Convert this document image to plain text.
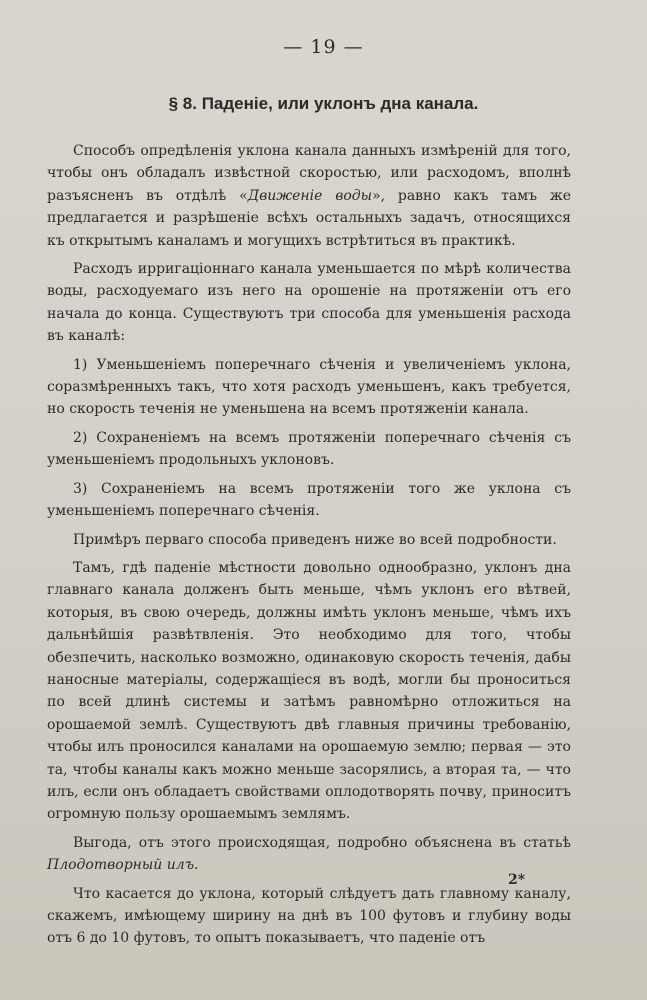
— 19 —
§ 8. Паденіе, или уклонъ дна канала.

Способъ опредѣленія уклона канала данныхъ измѣреній для того, чтобы онъ обладалъ извѣстной скоростью, или расходомъ, вполнѣ разъясненъ въ отдѣлѣ «Движеніе воды», равно какъ тамъ же предлагается и разрѣшеніе всѣхъ остальныхъ задачъ, относящихся къ открытымъ каналамъ и могущихъ встрѣтиться въ практикѣ.

Расходъ ирригаціоннаго канала уменьшается по мѣрѣ количества воды, расходуемаго изъ него на орошеніе на протяженіи отъ его начала до конца. Существуютъ три способа для уменьшенія расхода въ каналѣ:

1) Уменьшеніемъ поперечнаго сѣченія и увеличеніемъ уклона, соразмѣренныхъ такъ, что хотя расходъ уменьшенъ, какъ требуется, но скорость теченія не уменьшена на всемъ протяженіи канала.

2) Сохраненіемъ на всемъ протяженіи поперечнаго сѣченія съ уменьшеніемъ продольныхъ уклоновъ.

3) Сохраненіемъ на всемъ протяженіи того же уклона съ уменьшеніемъ поперечнаго сѣченія.

Примѣръ перваго способа приведенъ ниже во всей подробности.

Тамъ, гдѣ паденіе мѣстности довольно однообразно, уклонъ дна главнаго канала долженъ быть меньше, чѣмъ уклонъ его вѣтвей, которыя, въ свою очередь, должны имѣть уклонъ меньше, чѣмъ ихъ дальнѣйшія развѣтвленія. Это необходимо для того, чтобы обезпечить, насколько возможно, одинаковую скорость теченія, дабы наносные матеріалы, содержащіеся въ водѣ, могли бы проноситься по всей длинѣ системы и затѣмъ равномѣрно отложиться на орошаемой землѣ. Существуютъ двѣ главныя причины требованію, чтобы илъ проносился каналами на орошаемую землю; первая — это та, чтобы каналы какъ можно меньше засорялись, а вторая та, — что илъ, если онъ обладаетъ свойствами оплодотворять почву, приноситъ огромную пользу орошаемымъ землямъ.

Выгода, отъ этого происходящая, подробно объяснена въ статьѣ Плодотворный илъ.

Что касается до уклона, который слѣдуетъ дать главному каналу, скажемъ, имѣющему ширину на днѣ въ 100 футовъ и глубину воды отъ 6 до 10 футовъ, то опытъ показываетъ, что паденіе отъ

2*
